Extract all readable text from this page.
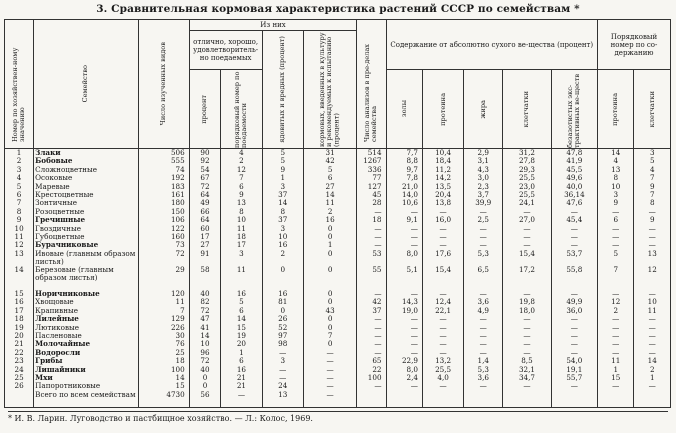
3. Сравнительная кормовая характеристика растений СССР по семействам *
Номер по хозяйствен-ному значению	Семейство	Число изученных видов	Из них				Число анализов в пре-делах семейства	Содержание от абсолютно сухого ве-щества (процент)					Порядковый номер по со-держанию	
			отлично, хорошо, удовлетворитель-но поедаемых		ядовитых и вредных (процент)	кормовых, введенных в культуру и рекомендуемых к испытанию (процент)								

			процент	порядковый номер по поедаемости				золы	протеина	жира	клетчатки	безазотистых экс-трактивных ве-ществ	протеина	клетчатки

1	Злаки	506	90	4	5	31	514	7,7	10,4	2,9	31,2	47,8	14	3
2	Бобовые	555	92	2	5	42	1267	8,8	18,4	3,1	27,8	41,9	4	5
3	Сложноцветные	74	54	12	9	5	336	9,7	11,2	4,3	29,3	45,5	13	4
4	Осоковые	192	67	7	1	6	77	7,8	14,2	3,0	25,5	49,6	8	7
5	Маревые	183	72	6	3	27	127	21,0	13,5	2,3	23,0	40,0	10	9
6	Крестоцветные	161	64	9	37	14	45	14,0	20,4	3,7	25,5	36,14	3	7
7	Зонтичные	180	49	13	14	11	28	10,6	13,8	39,9	24,1	47,6	9	8
8	Розоцветные	150	66	8	8	2	—	—	—	—	—	—	—	—
9	Гречишные	106	64	10	37	16	18	9,1	16,0	2,5	27,0	45,4	6	9
10	Гвоздичные	122	60	11	3	0	—	—	—	—	—	—	—	—
11	Губоцветные	160	17	18	10	0	—	—	—	—	—	—	—	—
12	Бурачниковые	73	27	17	16	1	—	—	—	—	—	—	—	—
13	Ивовые (главным образом листья)	72	91	3	2	0	53	8,0	17,6	5,3	15,4	53,7	5	13
14	Березовые (главным образом листья)	29	58	11	0	0	55	5,1	15,4	6,5	17,2	55,8	7	12
15	Норичниковые	120	40	16	16	0	—	—	—	—	—	—	—	—
16	Хвощовые	11	82	5	81	0	42	14,3	12,4	3,6	19,8	49,9	12	10
17	Крапивные	7	72	6	0	43	37	19,0	22,1	4,9	18,0	36,0	2	11
18	Лилейные	129	47	14	26	0	—	—	—	—	—	—	—	—
19	Лютиковые	226	41	15	52	0	—	—	—	—	—	—	—	—
20	Пасленовые	30	14	19	97	7	—	—	—	—	—	—	—	—
21	Молочайные	76	10	20	98	0	—	—	—	—	—	—	—	—
22	Водоросли	25	96	1	—	—	—	—	—	—	—	—	—	—
23	Грибы	18	72	6	3	—	65	22,9	13,2	1,4	8,5	54,0	11	14
24	Лишайники	100	40	16	—	—	22	8,0	25,5	5,3	32,1	19,1	1	2
25	Мхи	14	0	21	—	—	100	2,4	4,0	3,6	34,7	55,7	15	1
26	Папоротниковые	15	0	21	24	—	—	—	—	—	—	—	—	—
	Всего по всем семействам	4730	56	—	13	—								
* И. В. Ларин. Луговодство и пастбищное хозяйство. — Л.: Колос, 1969.
